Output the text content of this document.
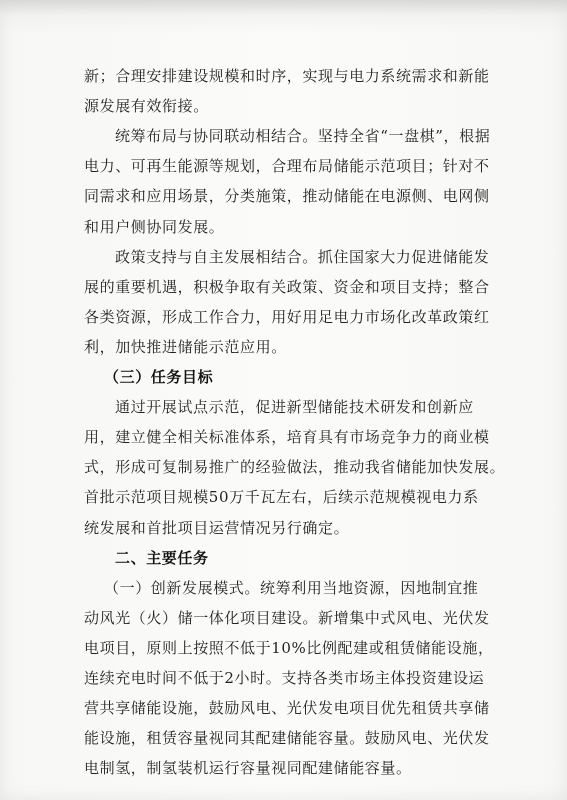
新；合理安排建设规模和时序，实现与电力系统需求和新能
源发展有效衔接。
统筹布局与协同联动相结合。坚持全省“一盘棋”，根据
电力、可再生能源等规划，合理布局储能示范项目；针对不
同需求和应用场景，分类施策，推动储能在电源侧、电网侧
和用户侧协同发展。
政策支持与自主发展相结合。抓住国家大力促进储能发
展的重要机遇，积极争取有关政策、资金和项目支持；整合
各类资源，形成工作合力，用好用足电力市场化改革政策红
利，加快推进储能示范应用。
（三）任务目标
通过开展试点示范，促进新型储能技术研发和创新应
用，建立健全相关标准体系，培育具有市场竞争力的商业模
式，形成可复制易推广的经验做法，推动我省储能加快发展。
首批示范项目规模50万千瓦左右，后续示范规模视电力系
统发展和首批项目运营情况另行确定。
二、主要任务
（一）创新发展模式。统筹利用当地资源，因地制宜推
动风光（火）储一体化项目建设。新增集中式风电、光伏发
电项目，原则上按照不低于10%比例配建或租赁储能设施，
连续充电时间不低于2小时。支持各类市场主体投资建设运
营共享储能设施，鼓励风电、光伏发电项目优先租赁共享储
能设施，租赁容量视同其配建储能容量。鼓励风电、光伏发
电制氢，制氢装机运行容量视同配建储能容量。
